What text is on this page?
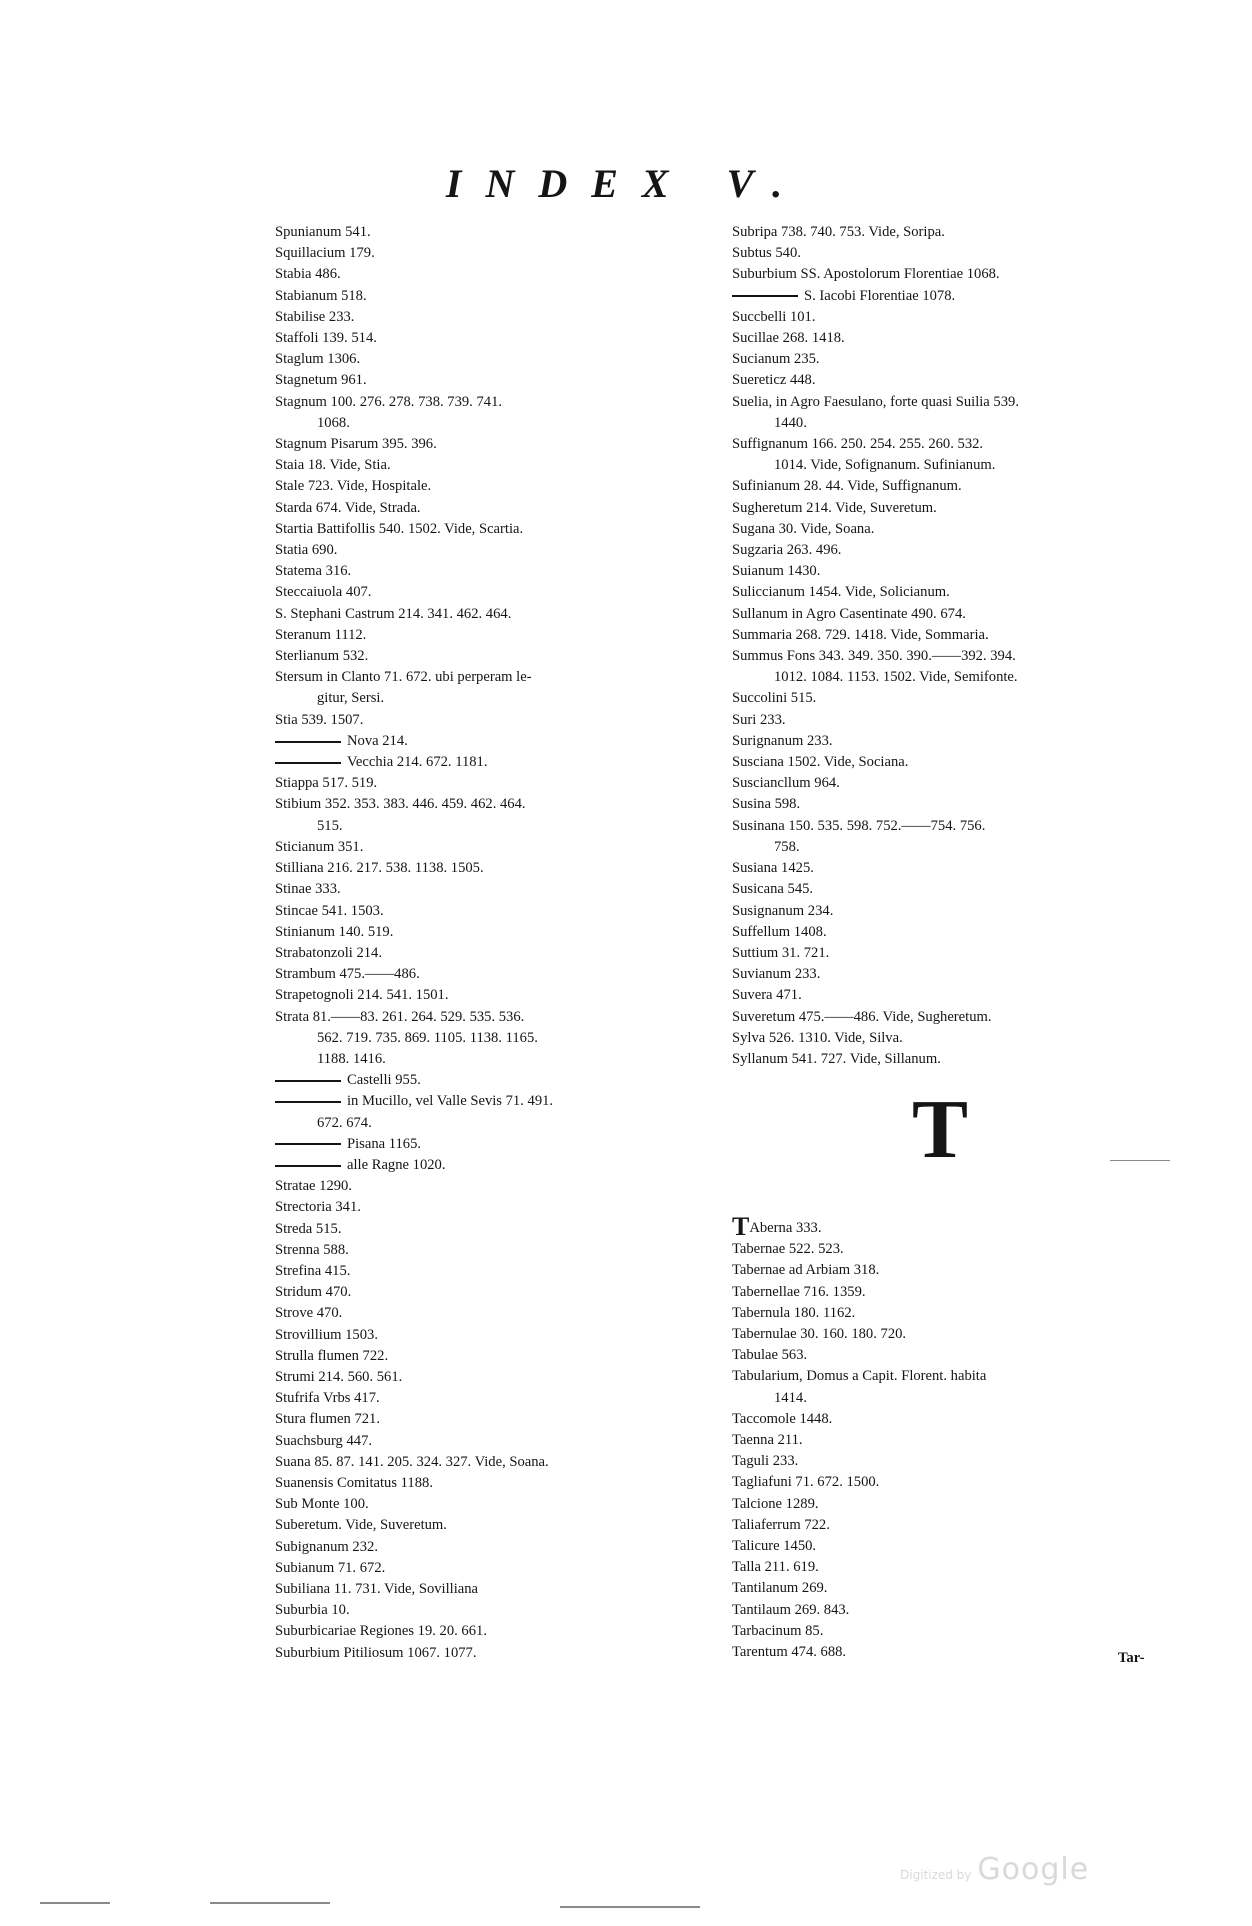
INDEX V.
Spunianum 541.
Squillacium 179.
Stabia 486.
Stabianum 518.
Stabilise 233.
Staffoli 139. 514.
Staglum 1306.
Stagnetum 961.
Stagnum 100. 276. 278. 738. 739. 741.
1068.
Stagnum Pisarum 395. 396.
Staia 18. Vide, Stia.
Stale 723. Vide, Hospitale.
Starda 674. Vide, Strada.
Startia Battifollis 540. 1502. Vide, Scartia.
Statia 690.
Statema 316.
Steccaiuola 407.
S. Stephani Castrum 214. 341. 462. 464.
Steranum 1112.
Sterlianum 532.
Stersum in Clanto 71. 672. ubi perperam le-
gitur, Sersi.
Stia 539. 1507.
Nova 214.
Vecchia 214. 672. 1181.
Stiappa 517. 519.
Stibium 352. 353. 383. 446. 459. 462. 464.
515.
Sticianum 351.
Stilliana 216. 217. 538. 1138. 1505.
Stinae 333.
Stincae 541. 1503.
Stinianum 140. 519.
Strabatonzoli 214.
Strambum 475.——486.
Strapetognoli 214. 541. 1501.
Strata 81.——83. 261. 264. 529. 535. 536.
562. 719. 735. 869. 1105. 1138. 1165.
1188. 1416.
Castelli 955.
in Mucillo, vel Valle Sevis 71. 491.
672. 674.
Pisana 1165.
alle Ragne 1020.
Stratae 1290.
Strectoria 341.
Streda 515.
Strenna 588.
Strefina 415.
Stridum 470.
Strove 470.
Strovillium 1503.
Strulla flumen 722.
Strumi 214. 560. 561.
Stufrifa Vrbs 417.
Stura flumen 721.
Suachsburg 447.
Suana 85. 87. 141. 205. 324. 327. Vide, Soana.
Suanensis Comitatus 1188.
Sub Monte 100.
Suberetum. Vide, Suveretum.
Subignanum 232.
Subianum 71. 672.
Subiliana 11. 731. Vide, Sovilliana
Suburbia 10.
Suburbicariae Regiones 19. 20. 661.
Suburbium Pitiliosum 1067. 1077.
Subripa 738. 740. 753. Vide, Soripa.
Subtus 540.
Suburbium SS. Apostolorum Florentiae 1068.
S. Iacobi Florentiae 1078.
Succbelli 101.
Sucillae 268. 1418.
Sucianum 235.
Suereticz 448.
Suelia, in Agro Faesulano, forte quasi Suilia 539.
1440.
Suffignanum 166. 250. 254. 255. 260. 532.
1014. Vide, Sofignanum. Sufinianum.
Sufinianum 28. 44. Vide, Suffignanum.
Sugheretum 214. Vide, Suveretum.
Sugana 30. Vide, Soana.
Sugzaria 263. 496.
Suianum 1430.
Suliccianum 1454. Vide, Solicianum.
Sullanum in Agro Casentinate 490. 674.
Summaria 268. 729. 1418. Vide, Sommaria.
Summus Fons 343. 349. 350. 390.——392. 394.
1012. 1084. 1153. 1502. Vide, Semifonte.
Succolini 515.
Suri 233.
Surignanum 233.
Susciana 1502. Vide, Sociana.
Susciancllum 964.
Susina 598.
Susinana 150. 535. 598. 752.——754. 756.
758.
Susiana 1425.
Susicana 545.
Susignanum 234.
Suffellum 1408.
Suttium 31. 721.
Suvianum 233.
Suvera 471.
Suveretum 475.——486. Vide, Sugheretum.
Sylva 526. 1310. Vide, Silva.
Syllanum 541. 727. Vide, Sillanum.
T
TAberna 333.
Tabernae 522. 523.
Tabernae ad Arbiam 318.
Tabernellae 716. 1359.
Tabernula 180. 1162.
Tabernulae 30. 160. 180. 720.
Tabulae 563.
Tabularium, Domus a Capit. Florent. habita
1414.
Taccomole 1448.
Taenna 211.
Taguli 233.
Tagliafuni 71. 672. 1500.
Talcione 1289.
Taliaferrum 722.
Talicure 1450.
Talla 211. 619.
Tantilanum 269.
Tantilaum 269. 843.
Tarbacinum 85.
Tarentum 474. 688.	Tar-
Digitized by Google
